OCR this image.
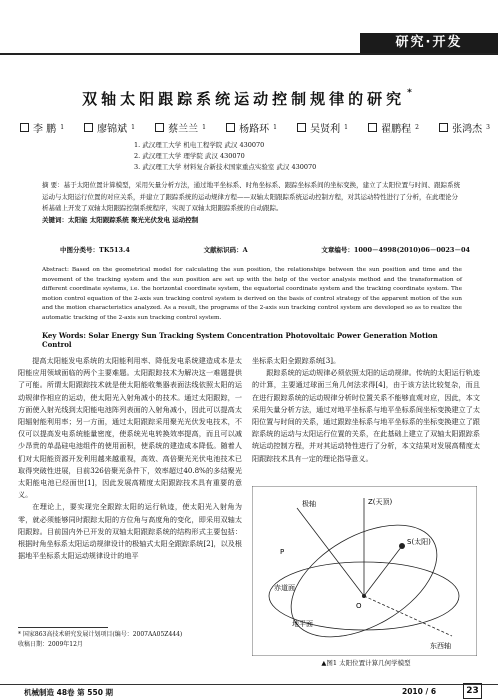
研究·开发
双轴太阳跟踪系统运动控制规律的研究 *
李 鹏 1	廖锦斌 1	蔡兰兰 1	杨路环 1	吴贤利 1	翟鹏程 2	张鸿杰 3
1. 武汉理工大学 机电工程学院 武汉 430070
2. 武汉理工大学 理学院 武汉 430070
3. 武汉理工大学 材料复合新技术国家重点实验室 武汉 430070
摘 要：基于太阳位置计算模型，采用矢量分析方法，通过地平坐标系、时角坐标系、跟踪坐标系间的坐标变换，建立了太阳位置与时间、跟踪系统运动与太阳运行位置的对应关系，并建立了跟踪系统的运动规律方程——双轴太阳跟踪系统运动控制方程，对其运动特性进行了分析，在此理论分析基础上开发了双轴太阳跟踪控制系统程序，实现了双轴太阳跟踪系统的自动跟踪。
关键词：太阳能 太阳跟踪系统 聚光光伏发电 运动控制
中图分类号：TK513.4	文献标识码：A	文章编号：1000－4998(2010)06－0023－04
Abstract: Based on the geometrical model for calculating the sun position, the relationships between the sun position and time and the movement of the tracking system and the sun position are set up with the help of the vector analysis method and the transformation of different coordinate systems, i.e. the horizontal coordinate system, the equatorial coordinate system and the tracking coordinate system. The motion control equation of the 2-axis sun tracking control system is derived on the basis of control strategy of the apparent motion of the sun and the motion characteristics analyzed. As a result, the programs of the 2-axis sun tracking control system are developed so as to realize the automatic tracking of the 2-axis sun tracking control system.
Key Words: Solar Energy Sun Tracking System Concentration Photovoltaic Power Generation Motion Control

提高太阳能发电系统的太阳能利用率、降低发电系统建造成本是太阳能应用领域面临的两个主要难题。太阳跟踪技术为解决这一难题提供了可能。所谓太阳跟踪技术就是使太阳能收集器表面法线依照太阳的运动规律作相应的运动，使太阳光入射角减小的技术。通过太阳跟踪，一方面使入射光线到太阳能电池阵列表面的入射角减小，因此可以提高太阳辐射能利用率；另一方面，通过太阳跟踪采用聚光光伏发电技术，不仅可以提高发电系统能量密度，使系统光电转换效率提高，而且可以减少昂贵的单晶硅电池组件的使用面积，使系统的建造成本降低。随着人们对太阳能资源开发利用越来越重视，高效、高倍聚光光伏电池技术已取得突破性进展，目前326倍聚光条件下，效率超过40.8%的多结聚光太阳能电池已经面世[1]，因此发展高精度太阳跟踪技术具有重要的意义。

在理论上，要实现完全跟踪太阳的运行轨迹，使太阳光入射角为零，就必须能够同时跟踪太阳的方位角与高度角的变化，即采用双轴太阳跟踪。目前国内外已开发的双轴太阳跟踪系统的结构形式主要包括：根据时角坐标系太阳运动规律设计的极轴式太阳全跟踪系统[2]，以及根据地平坐标系太阳运动规律设计的地平

坐标系太阳全跟踪系统[3]。

跟踪系统的运动规律必须依照太阳的运动规律。传统的太阳运行轨迹的计算，主要通过球面三角几何法求得[4]，由于该方法比较复杂，而且在进行跟踪系统的运动规律分析时位置关系不能够直观对应，因此，本文采用矢量分析方法，通过对地平坐标系与地平坐标系间坐标变换建立了太阳位置与时间的关系，通过跟踪坐标系与地平坐标系的坐标变换建立了跟踪系统的运动与太阳运行位置的关系，在此基础上建立了双轴太阳跟踪系统运动控制方程，并对其运动特性进行了分析，本文结果对发展高精度太阳跟踪技术具有一定的理论指导意义。

极轴
O
P
Z(天顶)
S(太阳)
赤道面
地平面
东西轴
▲图1 太阳位置计算几何学模型
* 国家863高技术研究发展计划项目(编号：2007AA05Z444)
收稿日期：2009年12月
机械制造 48卷 第 550 期	2010 / 6	23
